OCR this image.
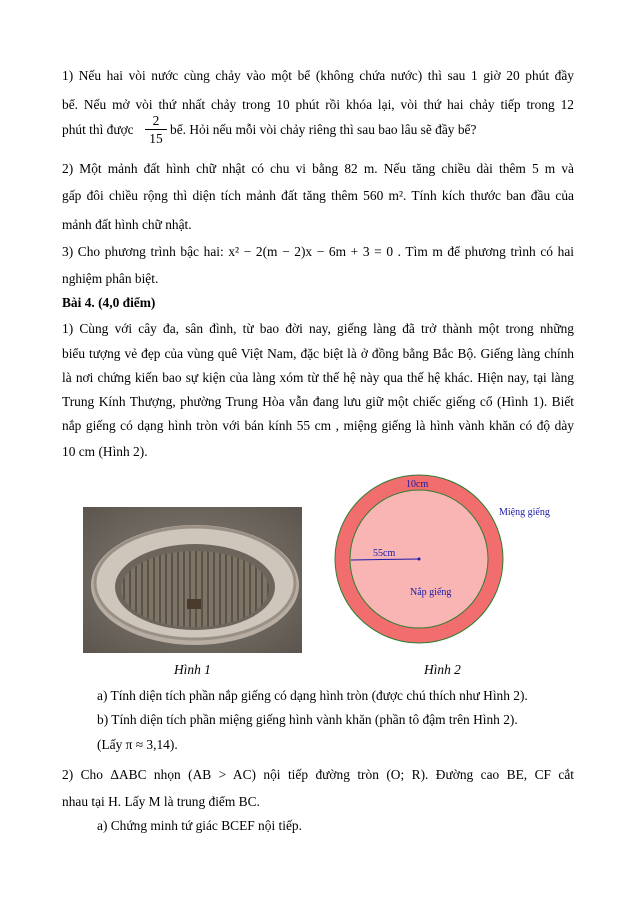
1) Nếu hai vòi nước cùng chảy vào một bể (không chứa nước) thì sau 1 giờ 20 phút đầy
bể. Nếu mở vòi thứ nhất chảy trong 10 phút rồi khóa lại, vòi thứ hai chảy tiếp trong 12
phút thì được
2
15
bể. Hỏi nếu mỗi vòi chảy riêng thì sau bao lâu sẽ đầy bể?
2) Một mảnh đất hình chữ nhật có chu vi bằng 82 m. Nếu tăng chiều dài thêm 5 m và
gấp đôi chiều rộng thì diện tích mảnh đất tăng thêm 560 m². Tính kích thước ban đầu của
mảnh đất hình chữ nhật.
3) Cho phương trình bậc hai: x² − 2(m − 2)x − 6m + 3 = 0 . Tìm m để phương trình có hai
nghiệm phân biệt.
Bài 4. (4,0 điểm)
1) Cùng với cây đa, sân đình, từ bao đời nay, giếng làng đã trở thành một trong những
biểu tượng vẻ đẹp của vùng quê Việt Nam, đặc biệt là ở đồng bằng Bắc Bộ. Giếng làng chính
là nơi chứng kiến bao sự kiện của làng xóm từ thế hệ này qua thế hệ khác. Hiện nay, tại làng
Trung Kính Thượng, phường Trung Hòa vẫn đang lưu giữ một chiếc giếng cổ (Hình 1). Biết
nắp giếng có dạng hình tròn với bán kính 55 cm , miệng giếng là hình vành khăn có độ dày
10 cm (Hình 2).
10cm
55cm
Nắp giếng
Miệng giếng
Hình 1	Hình 2
a) Tính diện tích phần nắp giếng có dạng hình tròn (được chú thích như Hình 2).
b) Tính diện tích phần miệng giếng hình vành khăn (phần tô đậm trên Hình 2).
(Lấy π ≈ 3,14).
2) Cho ΔABC nhọn (AB > AC) nội tiếp đường tròn (O; R). Đường cao BE, CF cắt
nhau tại H. Lấy M là trung điểm BC.
a) Chứng minh tứ giác BCEF nội tiếp.
